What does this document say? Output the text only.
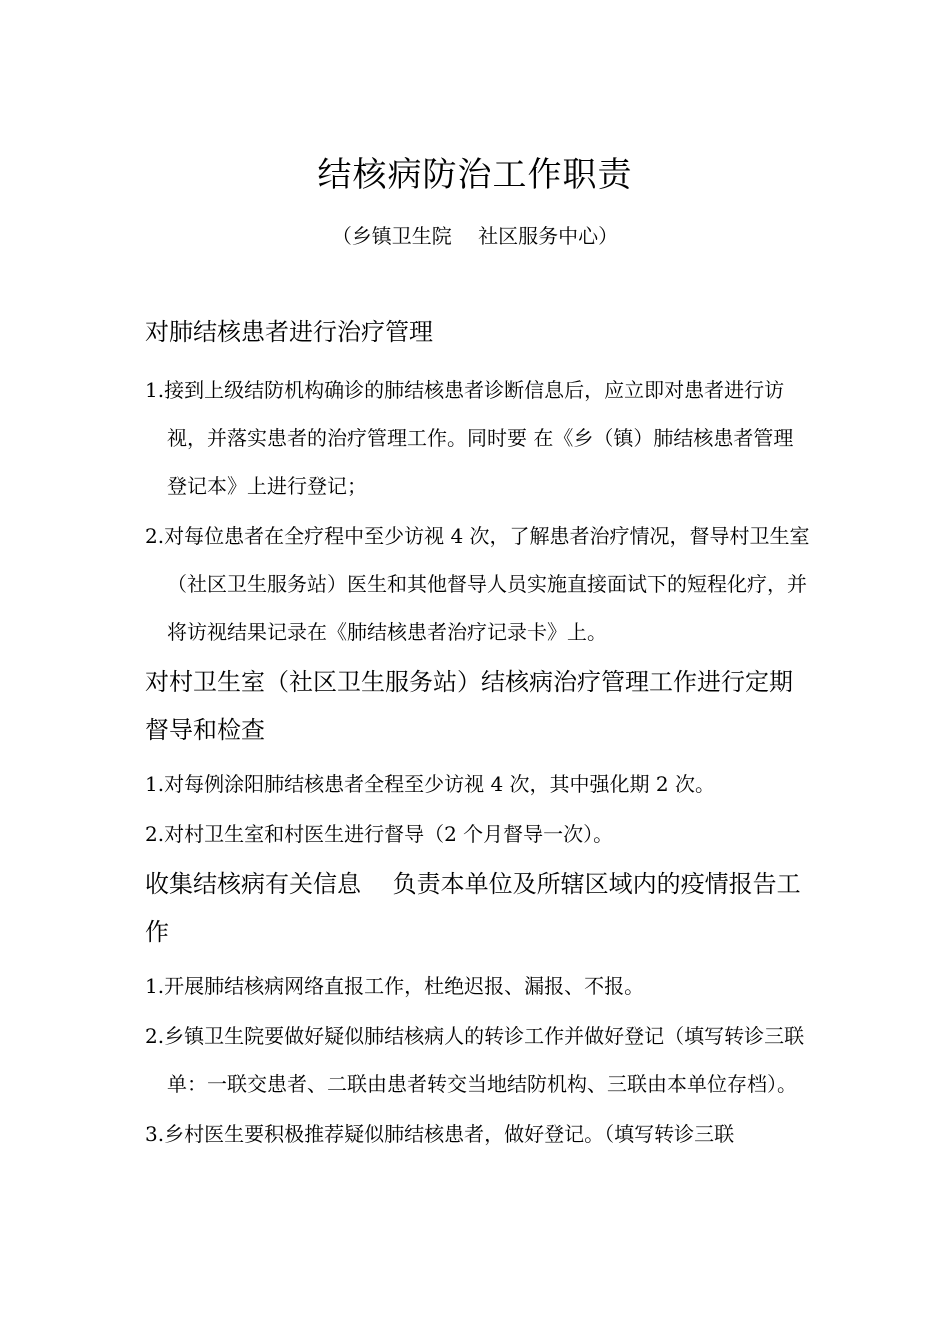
结核病防治工作职责
（乡镇卫生院　 社区服务中心）
对肺结核患者进行治疗管理
1.接到上级结防机构确诊的肺结核患者诊断信息后，应立即对患者进行访视，并落实患者的治疗管理工作。同时要 在《乡（镇）肺结核患者管理登记本》上进行登记；
2.对每位患者在全疗程中至少访视 4 次，了解患者治疗情况，督导村卫生室（社区卫生服务站）医生和其他督导人员实施直接面试下的短程化疗，并将访视结果记录在《肺结核患者治疗记录卡》上。
对村卫生室（社区卫生服务站）结核病治疗管理工作进行定期督导和检查
1.对每例涂阳肺结核患者全程至少访视 4 次，其中强化期 2 次。
2.对村卫生室和村医生进行督导（2 个月督导一次）。
收集结核病有关信息　 负责本单位及所辖区域内的疫情报告工作
1.开展肺结核病网络直报工作，杜绝迟报、漏报、不报。
2.乡镇卫生院要做好疑似肺结核病人的转诊工作并做好登记（填写转诊三联单：一联交患者、二联由患者转交当地结防机构、三联由本单位存档）。
3.乡村医生要积极推荐疑似肺结核患者，做好登记。（填写转诊三联
